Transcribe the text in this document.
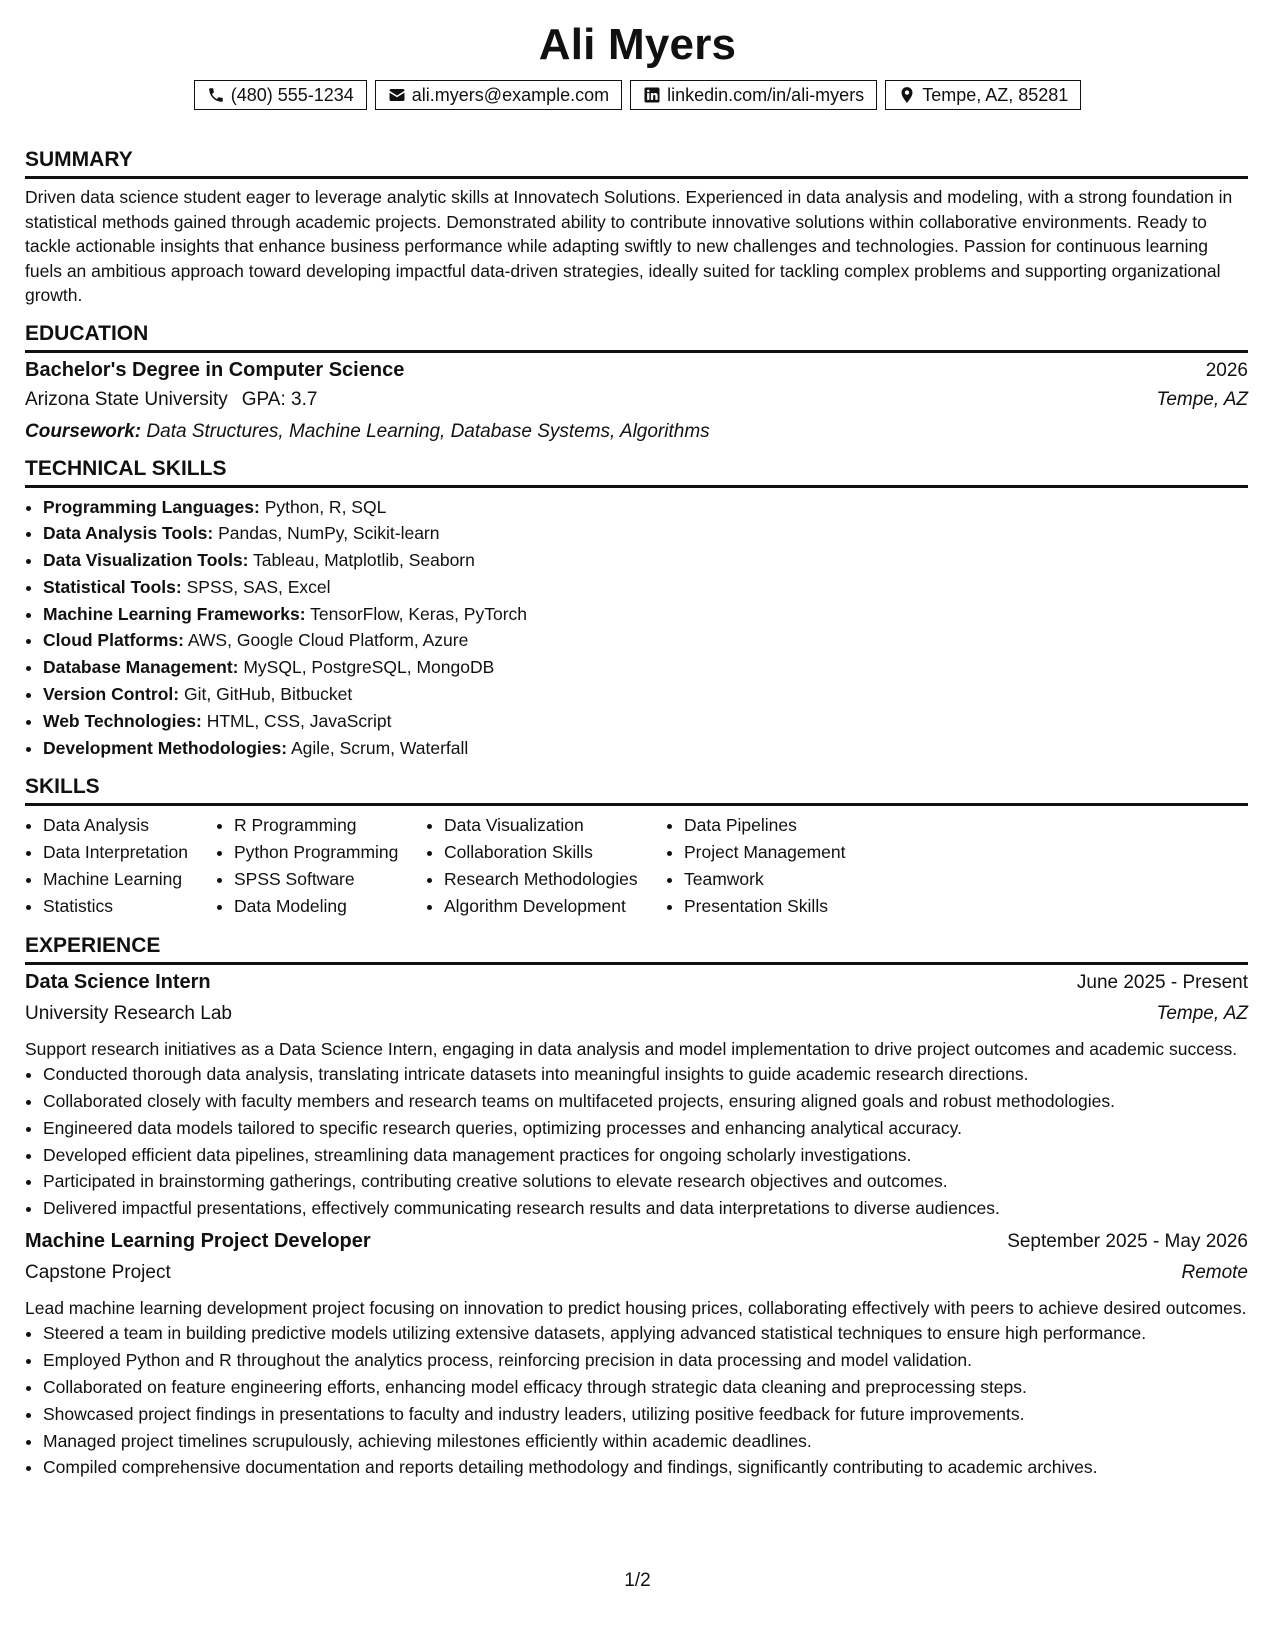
Ali Myers
(480) 555-1234	ali.myers@example.com	linkedin.com/in/ali-myers	Tempe, AZ, 85281
SUMMARY

Driven data science student eager to leverage analytic skills at Innovatech Solutions. Experienced in data analysis and modeling, with a strong foundation in statistical methods gained through academic projects. Demonstrated ability to contribute innovative solutions within collaborative environments. Ready to tackle actionable insights that enhance business performance while adapting swiftly to new challenges and technologies. Passion for continuous learning fuels an ambitious approach toward developing impactful data-driven strategies, ideally suited for tackling complex problems and supporting organizational growth.

EDUCATION
Bachelor's Degree in Computer Science	2026
Arizona State University GPA: 3.7	Tempe, AZ
Coursework: Data Structures, Machine Learning, Database Systems, Algorithms
TECHNICAL SKILLS
• Programming Languages: Python, R, SQL
• Data Analysis Tools: Pandas, NumPy, Scikit-learn
• Data Visualization Tools: Tableau, Matplotlib, Seaborn
• Statistical Tools: SPSS, SAS, Excel
• Machine Learning Frameworks: TensorFlow, Keras, PyTorch
• Cloud Platforms: AWS, Google Cloud Platform, Azure
• Database Management: MySQL, PostgreSQL, MongoDB
• Version Control: Git, GitHub, Bitbucket
• Web Technologies: HTML, CSS, JavaScript
• Development Methodologies: Agile, Scrum, Waterfall
SKILLS
• Data Analysis
• Data Interpretation
• Machine Learning
• Statistics
• R Programming
• Python Programming
• SPSS Software
• Data Modeling
• Data Visualization
• Collaboration Skills
• Research Methodologies
• Algorithm Development
• Data Pipelines
• Project Management
• Teamwork
• Presentation Skills
EXPERIENCE
Data Science Intern	June 2025 - Present
University Research Lab	Tempe, AZ

Support research initiatives as a Data Science Intern, engaging in data analysis and model implementation to drive project outcomes and academic success.

• Conducted thorough data analysis, translating intricate datasets into meaningful insights to guide academic research directions.
• Collaborated closely with faculty members and research teams on multifaceted projects, ensuring aligned goals and robust methodologies.
• Engineered data models tailored to specific research queries, optimizing processes and enhancing analytical accuracy.
• Developed efficient data pipelines, streamlining data management practices for ongoing scholarly investigations.
• Participated in brainstorming gatherings, contributing creative solutions to elevate research objectives and outcomes.
• Delivered impactful presentations, effectively communicating research results and data interpretations to diverse audiences.
Machine Learning Project Developer	September 2025 - May 2026
Capstone Project	Remote

Lead machine learning development project focusing on innovation to predict housing prices, collaborating effectively with peers to achieve desired outcomes.

• Steered a team in building predictive models utilizing extensive datasets, applying advanced statistical techniques to ensure high performance.
• Employed Python and R throughout the analytics process, reinforcing precision in data processing and model validation.
• Collaborated on feature engineering efforts, enhancing model efficacy through strategic data cleaning and preprocessing steps.
• Showcased project findings in presentations to faculty and industry leaders, utilizing positive feedback for future improvements.
• Managed project timelines scrupulously, achieving milestones efficiently within academic deadlines.
• Compiled comprehensive documentation and reports detailing methodology and findings, significantly contributing to academic archives.
1/2
